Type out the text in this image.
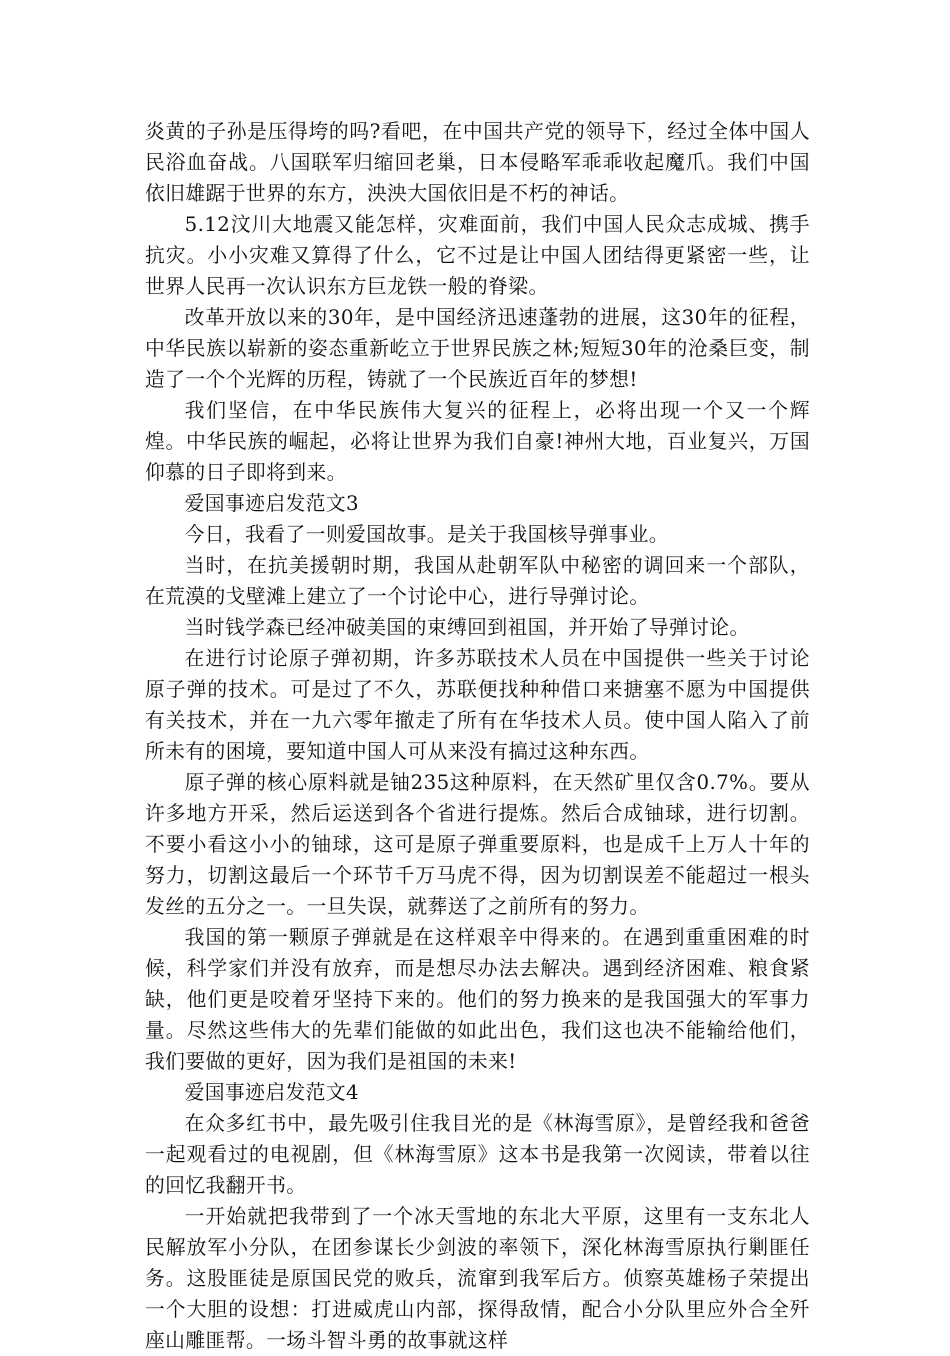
炎黄的子孙是压得垮的吗?看吧，在中国共产党的领导下，经过全体中国人民浴血奋战。八国联军归缩回老巢，日本侵略军乖乖收起魔爪。我们中国依旧雄踞于世界的东方，泱泱大国依旧是不朽的神话。

5.12汶川大地震又能怎样，灾难面前，我们中国人民众志成城、携手抗灾。小小灾难又算得了什么，它不过是让中国人团结得更紧密一些，让世界人民再一次认识东方巨龙铁一般的脊梁。

改革开放以来的30年，是中国经济迅速蓬勃的进展，这30年的征程，中华民族以崭新的姿态重新屹立于世界民族之林;短短30年的沧桑巨变，制造了一个个光辉的历程，铸就了一个民族近百年的梦想!

我们坚信，在中华民族伟大复兴的征程上，必将出现一个又一个辉煌。中华民族的崛起，必将让世界为我们自豪!神州大地，百业复兴，万国仰慕的日子即将到来。

爱国事迹启发范文3

今日，我看了一则爱国故事。是关于我国核导弹事业。

当时，在抗美援朝时期，我国从赴朝军队中秘密的调回来一个部队，在荒漠的戈壁滩上建立了一个讨论中心，进行导弹讨论。

当时钱学森已经冲破美国的束缚回到祖国，并开始了导弹讨论。

在进行讨论原子弹初期，许多苏联技术人员在中国提供一些关于讨论原子弹的技术。可是过了不久，苏联便找种种借口来搪塞不愿为中国提供有关技术，并在一九六零年撤走了所有在华技术人员。使中国人陷入了前所未有的困境，要知道中国人可从来没有搞过这种东西。

原子弹的核心原料就是铀235这种原料，在天然矿里仅含0.7%。要从许多地方开采，然后运送到各个省进行提炼。然后合成铀球，进行切割。不要小看这小小的铀球，这可是原子弹重要原料，也是成千上万人十年的努力，切割这最后一个环节千万马虎不得，因为切割误差不能超过一根头发丝的五分之一。一旦失误，就葬送了之前所有的努力。

我国的第一颗原子弹就是在这样艰辛中得来的。在遇到重重困难的时候，科学家们并没有放弃，而是想尽办法去解决。遇到经济困难、粮食紧缺，他们更是咬着牙坚持下来的。他们的努力换来的是我国强大的军事力量。尽然这些伟大的先辈们能做的如此出色，我们这也决不能输给他们，我们要做的更好，因为我们是祖国的未来!

爱国事迹启发范文4

在众多红书中，最先吸引住我目光的是《林海雪原》，是曾经我和爸爸一起观看过的电视剧，但《林海雪原》这本书是我第一次阅读，带着以往的回忆我翻开书。

一开始就把我带到了一个冰天雪地的东北大平原，这里有一支东北人民解放军小分队，在团参谋长少剑波的率领下，深化林海雪原执行剿匪任务。这股匪徒是原国民党的败兵，流窜到我军后方。侦察英雄杨子荣提出一个大胆的设想：打进威虎山内部，探得敌情，配合小分队里应外合全歼座山雕匪帮。一场斗智斗勇的故事就这样
